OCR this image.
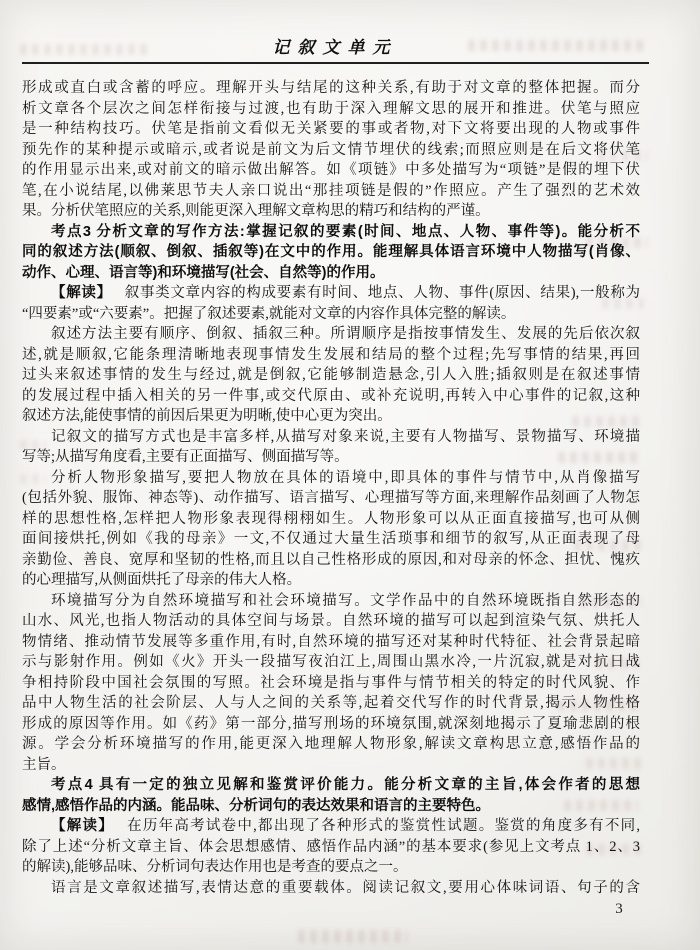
记叙文单元
形成或直白或含蓄的呼应。理解开头与结尾的这种关系,有助于对文章的整体把握。而分
析文章各个层次之间怎样衔接与过渡,也有助于深入理解文思的展开和推进。伏笔与照应
是一种结构技巧。伏笔是指前文看似无关紧要的事或者物,对下文将要出现的人物或事件
预先作的某种提示或暗示,或者说是前文为后文情节埋伏的线索;而照应则是在后文将伏笔
的作用显示出来,或对前文的暗示做出解答。如《项链》中多处描写为“项链”是假的埋下伏
笔,在小说结尾,以佛莱思节夫人亲口说出“那挂项链是假的”作照应。产生了强烈的艺术效
果。分析伏笔照应的关系,则能更深入理解文章构思的精巧和结构的严谨。
考点3 分析文章的写作方法:掌握记叙的要素(时间、地点、人物、事件等)。能分析不
同的叙述方法(顺叙、倒叙、插叙等)在文中的作用。能理解具体语言环境中人物描写(肖像、
动作、心理、语言等)和环境描写(社会、自然等)的作用。
【解读】 叙事类文章内容的构成要素有时间、地点、人物、事件(原因、结果),一般称为
“四要素”或“六要素”。把握了叙述要素,就能对文章的内容作具体完整的解读。
叙述方法主要有顺序、倒叙、插叙三种。所谓顺序是指按事情发生、发展的先后依次叙
述,就是顺叙,它能条理清晰地表现事情发生发展和结局的整个过程;先写事情的结果,再回
过头来叙述事情的发生与经过,就是倒叙,它能够制造悬念,引人入胜;插叙则是在叙述事情
的发展过程中插入相关的另一件事,或交代原由、或补充说明,再转入中心事件的记叙,这种
叙述方法,能使事情的前因后果更为明晰,使中心更为突出。
记叙文的描写方式也是丰富多样,从描写对象来说,主要有人物描写、景物描写、环境描
写等;从描写角度看,主要有正面描写、侧面描写等。
分析人物形象描写,要把人物放在具体的语境中,即具体的事件与情节中,从肖像描写
(包括外貌、服饰、神态等)、动作描写、语言描写、心理描写等方面,来理解作品刻画了人物怎
样的思想性格,怎样把人物形象表现得栩栩如生。人物形象可以从正面直接描写,也可从侧
面间接烘托,例如《我的母亲》一文,不仅通过大量生活琐事和细节的叙写,从正面表现了母
亲勤俭、善良、宽厚和坚韧的性格,而且以自己性格形成的原因,和对母亲的怀念、担忧、愧疚
的心理描写,从侧面烘托了母亲的伟大人格。
环境描写分为自然环境描写和社会环境描写。文学作品中的自然环境既指自然形态的
山水、风光,也指人物活动的具体空间与场景。自然环境的描写可以起到渲染气氛、烘托人
物情绪、推动情节发展等多重作用,有时,自然环境的描写还对某种时代特征、社会背景起暗
示与影射作用。例如《火》开头一段描写夜泊江上,周围山黑水冷,一片沉寂,就是对抗日战
争相持阶段中国社会氛围的写照。社会环境是指与事件与情节相关的特定的时代风貌、作
品中人物生活的社会阶层、人与人之间的关系等,起着交代写作的时代背景,揭示人物性格
形成的原因等作用。如《药》第一部分,描写刑场的环境氛围,就深刻地揭示了夏瑜悲剧的根
源。学会分析环境描写的作用,能更深入地理解人物形象,解读文章构思立意,感悟作品的
主旨。
考点4 具有一定的独立见解和鉴赏评价能力。能分析文章的主旨,体会作者的思想
感情,感悟作品的内涵。能品味、分析词句的表达效果和语言的主要特色。
【解读】 在历年高考试卷中,都出现了各种形式的鉴赏性试题。鉴赏的角度多有不同,
除了上述“分析文章主旨、体会思想感情、感悟作品内涵”的基本要求(参见上文考点 1、2、3
的解读),能够品味、分析词句表达作用也是考查的要点之一。
语言是文章叙述描写,表情达意的重要载体。阅读记叙文,要用心体味词语、句子的含
3
